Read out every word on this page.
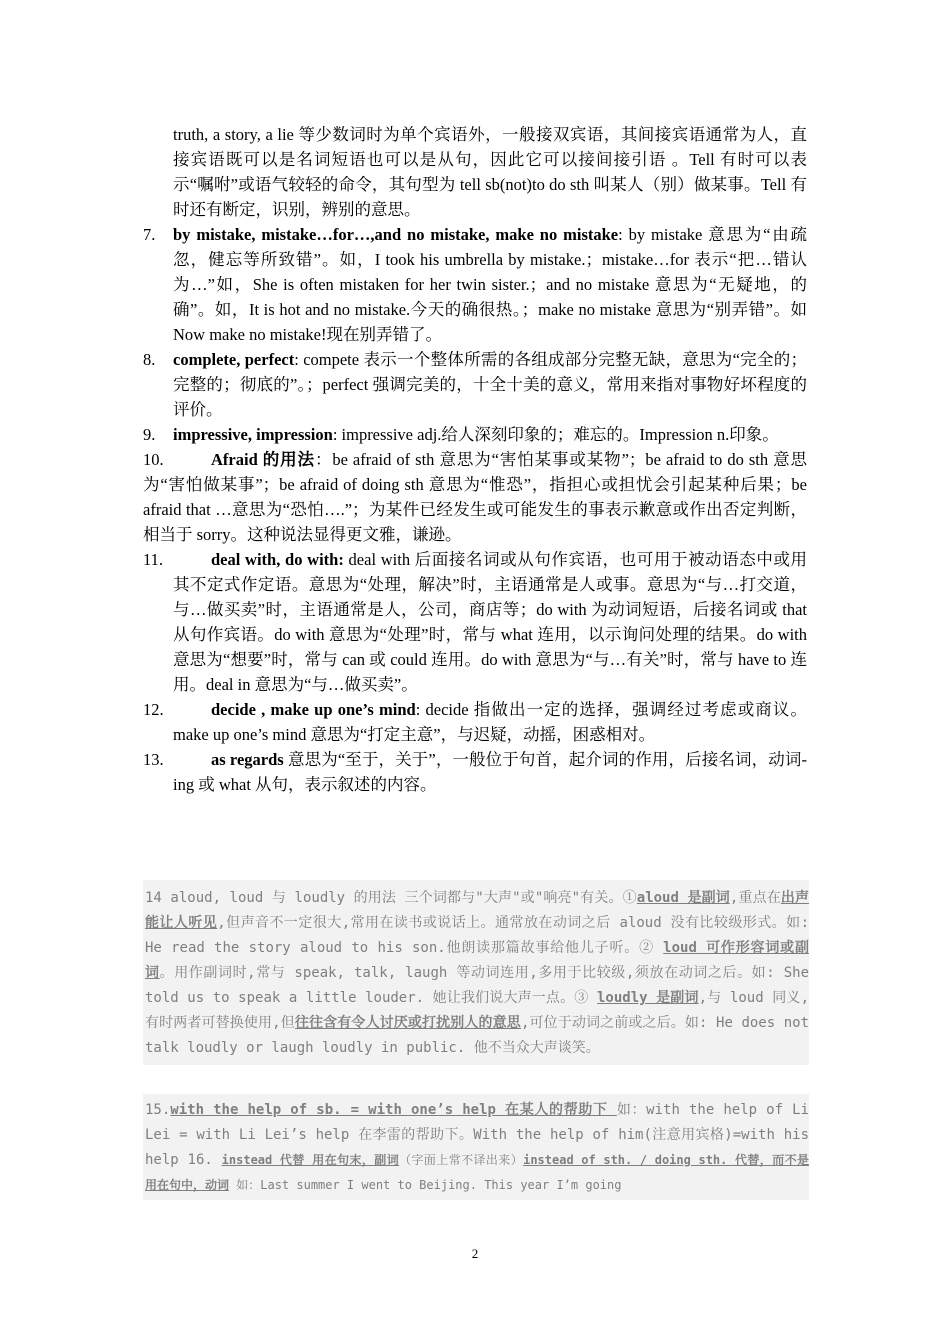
truth, a story, a lie 等少数词时为单个宾语外，一般接双宾语，其间接宾语通常为人，直接宾语既可以是名词短语也可以是从句，因此它可以接间接引语 。Tell 有时可以表示“嘱咐”或语气较轻的命令，其句型为 tell sb(not)to do sth 叫某人（别）做某事。Tell 有时还有断定，识别，辨别的意思。
7. by mistake, mistake…for…,and no mistake, make no mistake: by mistake 意思为“由疏忽，健忘等所致错”。如，I took his umbrella by mistake.；mistake…for 表示“把…错认为…”如，She is often mistaken for her twin sister.；and no mistake 意思为“无疑地，的确”。如，It is hot and no mistake.今天的确很热。；make no mistake 意思为“别弄错”。如 Now make no mistake!现在别弄错了。
8. complete, perfect: compete 表示一个整体所需的各组成部分完整无缺，意思为“完全的；完整的；彻底的”。；perfect 强调完美的，十全十美的意义，常用来指对事物好坏程度的评价。
9. impressive, impression: impressive adj.给人深刻印象的；难忘的。Impression n.印象。
10.	Afraid 的用法：be afraid of sth 意思为“害怕某事或某物”；be afraid to do sth 意思为“害怕做某事”；be afraid of doing sth 意思为“惟恐”，指担心或担忧会引起某种后果；be afraid that …意思为“恐怕….”；为某件已经发生或可能发生的事表示歉意或作出否定判断，相当于 sorry。这种说法显得更文雅，谦逊。
11.	deal with, do with: deal with 后面接名词或从句作宾语，也可用于被动语态中或用其不定式作定语。意思为“处理，解决”时，主语通常是人或事。意思为“与…打交道，与…做买卖”时，主语通常是人，公司，商店等；do with 为动词短语，后接名词或 that 从句作宾语。do with 意思为“处理”时，常与 what 连用，以示询问处理的结果。do with 意思为“想要”时，常与 can 或 could 连用。do with 意思为“与…有关”时，常与 have to 连用。deal in 意思为“与…做买卖”。
12.	decide , make up one’s mind: decide 指做出一定的选择，强调经过考虑或商议。make up one’s mind 意思为“打定主意”，与迟疑，动摇，困惑相对。
13.	as regards 意思为“至于，关于”，一般位于句首，起介词的作用，后接名词，动词-ing 或 what 从句，表示叙述的内容。
14 aloud, loud 与 loudly 的用法 三个词都与"大声"或"响亮"有关。①aloud 是副词,重点在出声能让人听见,但声音不一定很大,常用在读书或说话上。通常放在动词之后 aloud 没有比较级形式。如: He read the story aloud to his son.他朗读那篇故事给他儿子听。② loud 可作形容词或副词。用作副词时,常与 speak, talk, laugh 等动词连用,多用于比较级,须放在动词之后。如: She told us to speak a little louder. 她让我们说大声一点。③ loudly 是副词,与 loud 同义,有时两者可替换使用,但往往含有令人讨厌或打扰别人的意思,可位于动词之前或之后。如: He does not talk loudly or laugh loudly in public. 他不当众大声谈笑。
15.with the help of sb. = with one’s help 在某人的帮助下 如：with the help of Li Lei = with Li Lei’s help 在李雷的帮助下。With the help of him(注意用宾格)=with his help 16. instead 代替 用在句末，副词（字面上常不译出来）instead of sth. / doing sth. 代替，而不是 用在句中，动词 如：Last summer I went to Beijing. This year I’m going
2
